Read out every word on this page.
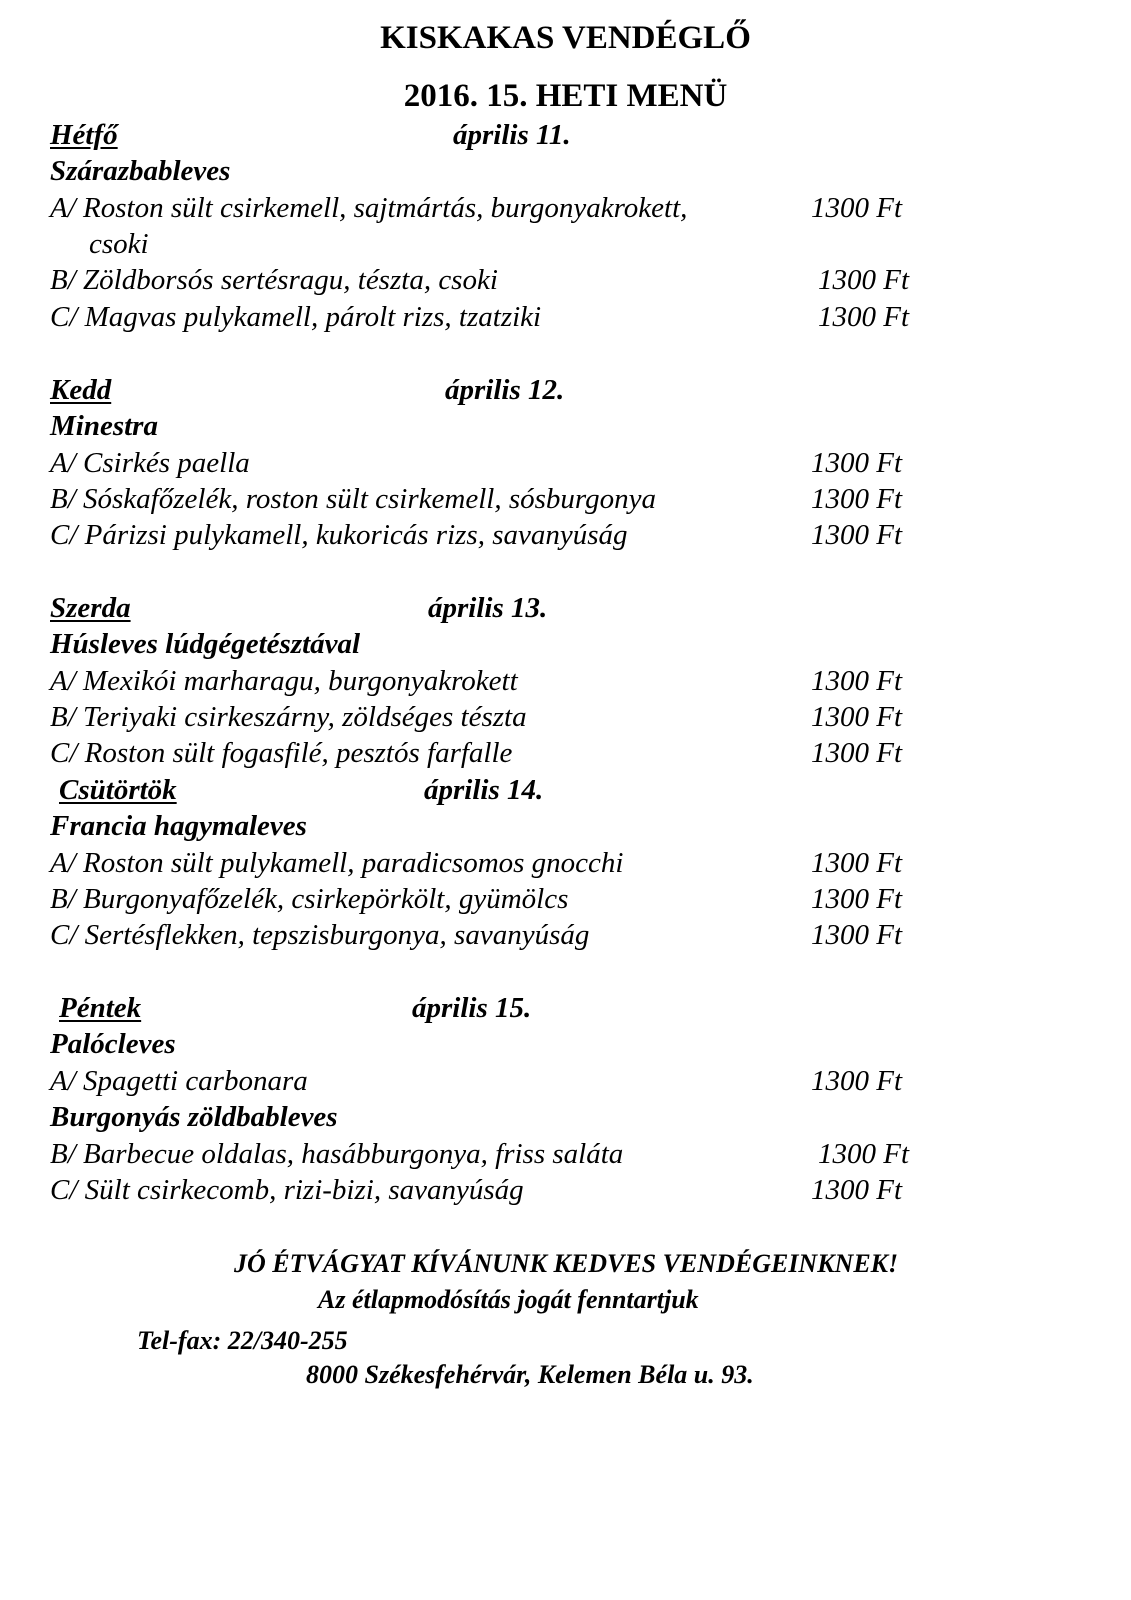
KISKAKAS VENDÉGLŐ
2016. 15. HETI MENÜ
Hétfő	április 11.
Szárazbableves
A/ Roston sült csirkemell, sajtmártás, burgonyakrokett,	1300 Ft
csoki
B/ Zöldborsós sertésragu, tészta, csoki	1300 Ft
C/ Magvas pulykamell, párolt rizs, tzatziki	1300 Ft
Kedd	április 12.
Minestra
A/ Csirkés paella	1300 Ft
B/ Sóskafőzelék, roston sült csirkemell, sósburgonya	1300 Ft
C/ Párizsi pulykamell, kukoricás rizs, savanyúság	1300 Ft
Szerda	április 13.
Húsleves lúdgégetésztával
A/ Mexikói marharagu, burgonyakrokett	1300 Ft
B/ Teriyaki csirkeszárny, zöldséges tészta	1300 Ft
C/ Roston sült fogasfilé, pesztós farfalle	1300 Ft
Csütörtök	április 14.
Francia hagymaleves
A/ Roston sült pulykamell, paradicsomos gnocchi	1300 Ft
B/ Burgonyafőzelék, csirkepörkölt, gyümölcs	1300 Ft
C/ Sertésflekken, tepszisburgonya, savanyúság	1300 Ft
Péntek	április 15.
Palócleves
A/ Spagetti carbonara	1300 Ft
Burgonyás zöldbableves
B/ Barbecue oldalas, hasábburgonya, friss saláta	1300 Ft
C/ Sült csirkecomb, rizi-bizi, savanyúság	1300 Ft
JÓ ÉTVÁGYAT KÍVÁNUNK KEDVES VENDÉGEINKNEK!
Az étlapmodósítás jogát fenntartjuk
Tel-fax: 22/340-255
8000 Székesfehérvár, Kelemen Béla u. 93.
